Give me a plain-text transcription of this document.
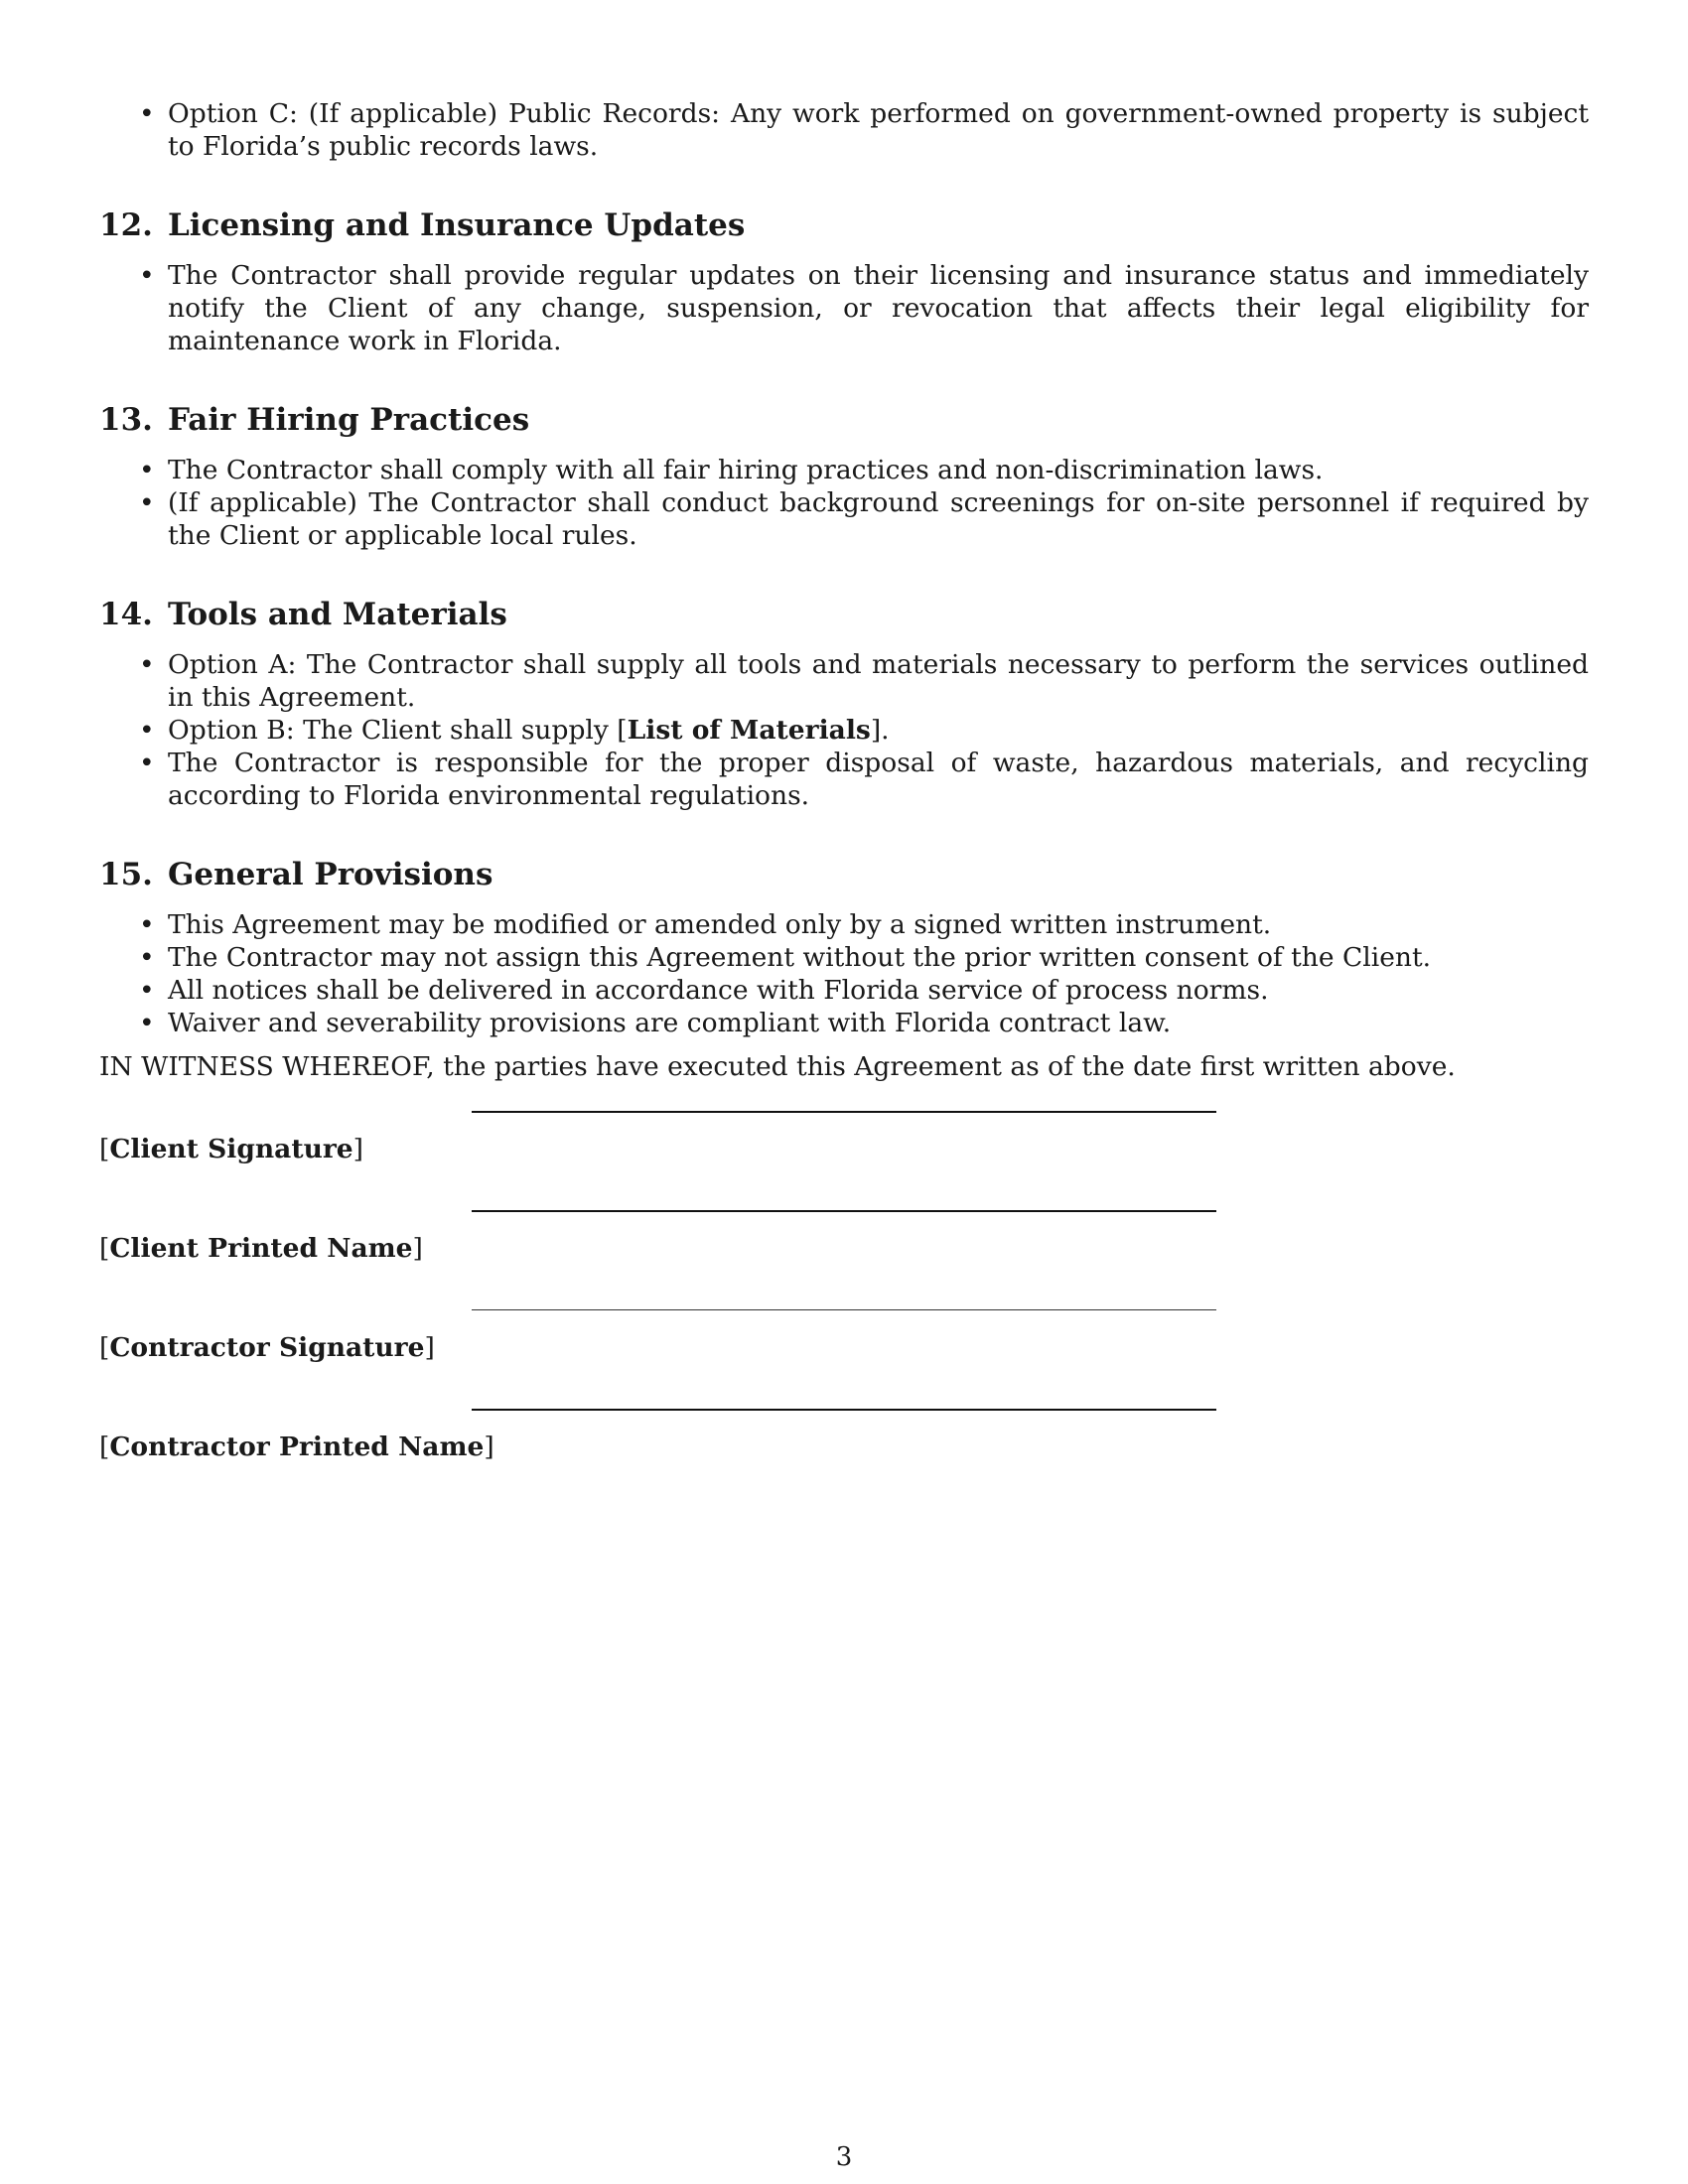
• Option C: (If applicable) Public Records: Any work performed on government-owned property is subject to Florida’s public records laws.
12. Licensing and Insurance Updates
• The Contractor shall provide regular updates on their licensing and insurance status and immediately notify the Client of any change, suspension, or revocation that affects their legal eligibility for maintenance work in Florida.
13. Fair Hiring Practices
• The Contractor shall comply with all fair hiring practices and non-discrimination laws.
• (If applicable) The Contractor shall conduct background screenings for on-site personnel if required by the Client or applicable local rules.
14. Tools and Materials
• Option A: The Contractor shall supply all tools and materials necessary to perform the services outlined in this Agreement.
• Option B: The Client shall supply [List of Materials].
• The Contractor is responsible for the proper disposal of waste, hazardous materials, and recycling according to Florida environmental regulations.
15. General Provisions
• This Agreement may be modified or amended only by a signed written instrument.
• The Contractor may not assign this Agreement without the prior written consent of the Client.
• All notices shall be delivered in accordance with Florida service of process norms.
• Waiver and severability provisions are compliant with Florida contract law.
IN WITNESS WHEREOF, the parties have executed this Agreement as of the date first written above.
[Client Signature]
[Client Printed Name]
[Contractor Signature]
[Contractor Printed Name]
3
